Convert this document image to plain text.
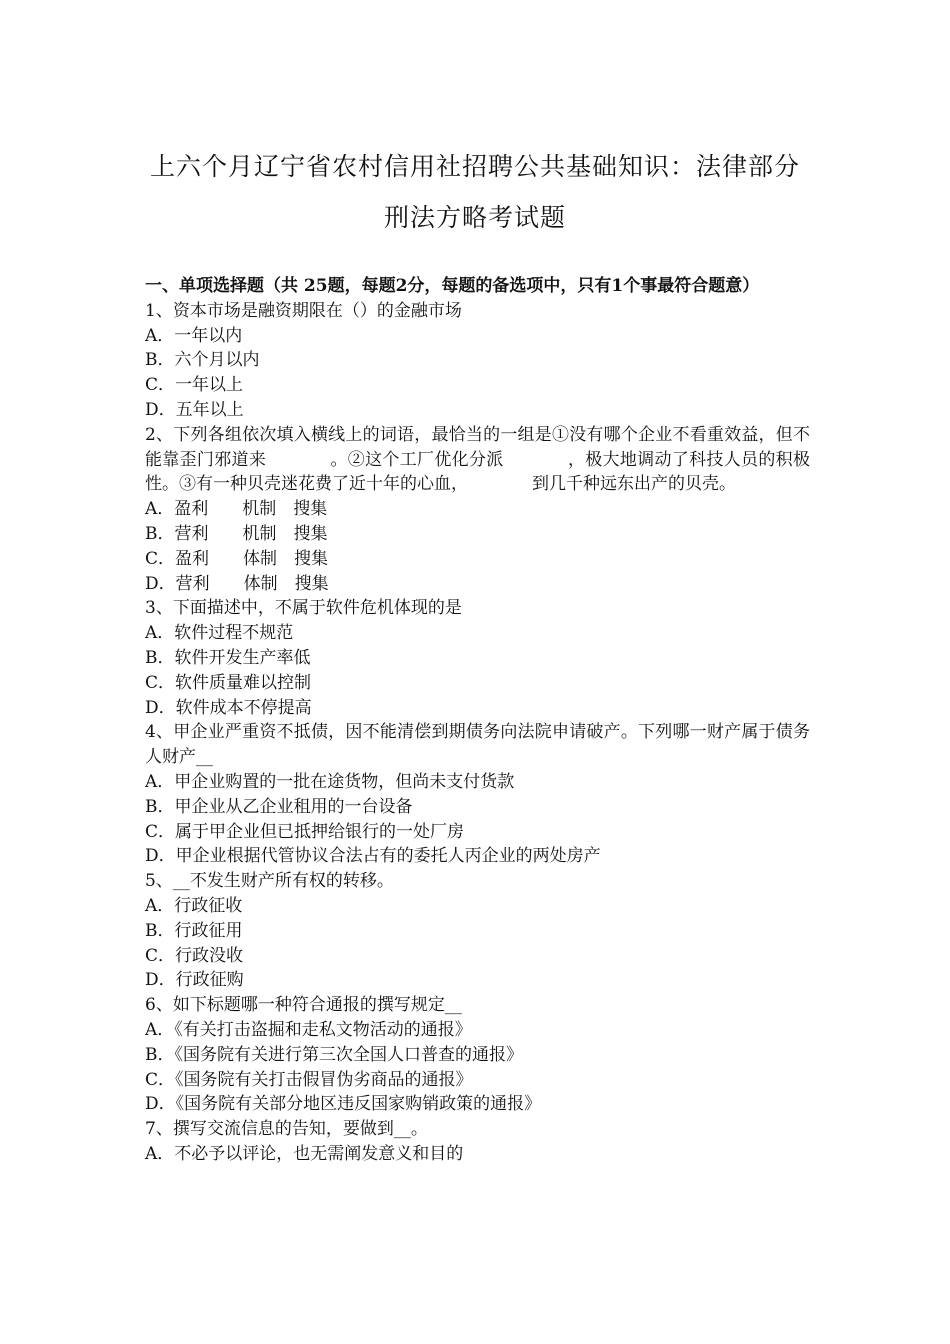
上六个月辽宁省农村信用社招聘公共基础知识：法律部分
刑法方略考试题
一、单项选择题（共 25题，每题2分，每题的备选项中，只有1个事最符合题意）
1、资本市场是融资期限在（）的金融市场
A．一年以内
B．六个月以内
C．一年以上
D．五年以上
2、下列各组依次填入横线上的词语，最恰当的一组是①没有哪个企业不看重效益，但不能靠歪门邪道来	。②这个工厂优化分派	，极大地调动了科技人员的积极性。③有一种贝壳迷花费了近十年的心血，	到几千种远东出产的贝壳。
A．盈利　　机制　搜集
B．营利　　机制　搜集
C．盈利　　体制　搜集
D．营利　　体制　搜集
3、下面描述中，不属于软件危机体现的是
A．软件过程不规范
B．软件开发生产率低
C．软件质量难以控制
D．软件成本不停提高
4、甲企业严重资不抵债，因不能清偿到期债务向法院申请破产。下列哪一财产属于债务人财产__
A．甲企业购置的一批在途货物，但尚未支付货款
B．甲企业从乙企业租用的一台设备
C．属于甲企业但已抵押给银行的一处厂房
D．甲企业根据代管协议合法占有的委托人丙企业的两处房产
5、__不发生财产所有权的转移。
A．行政征收
B．行政征用
C．行政没收
D．行政征购
6、如下标题哪一种符合通报的撰写规定__
A．《有关打击盗掘和走私文物活动的通报》
B．《国务院有关进行第三次全国人口普查的通报》
C．《国务院有关打击假冒伪劣商品的通报》
D．《国务院有关部分地区违反国家购销政策的通报》
7、撰写交流信息的告知，要做到__。
A．不必予以评论，也无需阐发意义和目的
